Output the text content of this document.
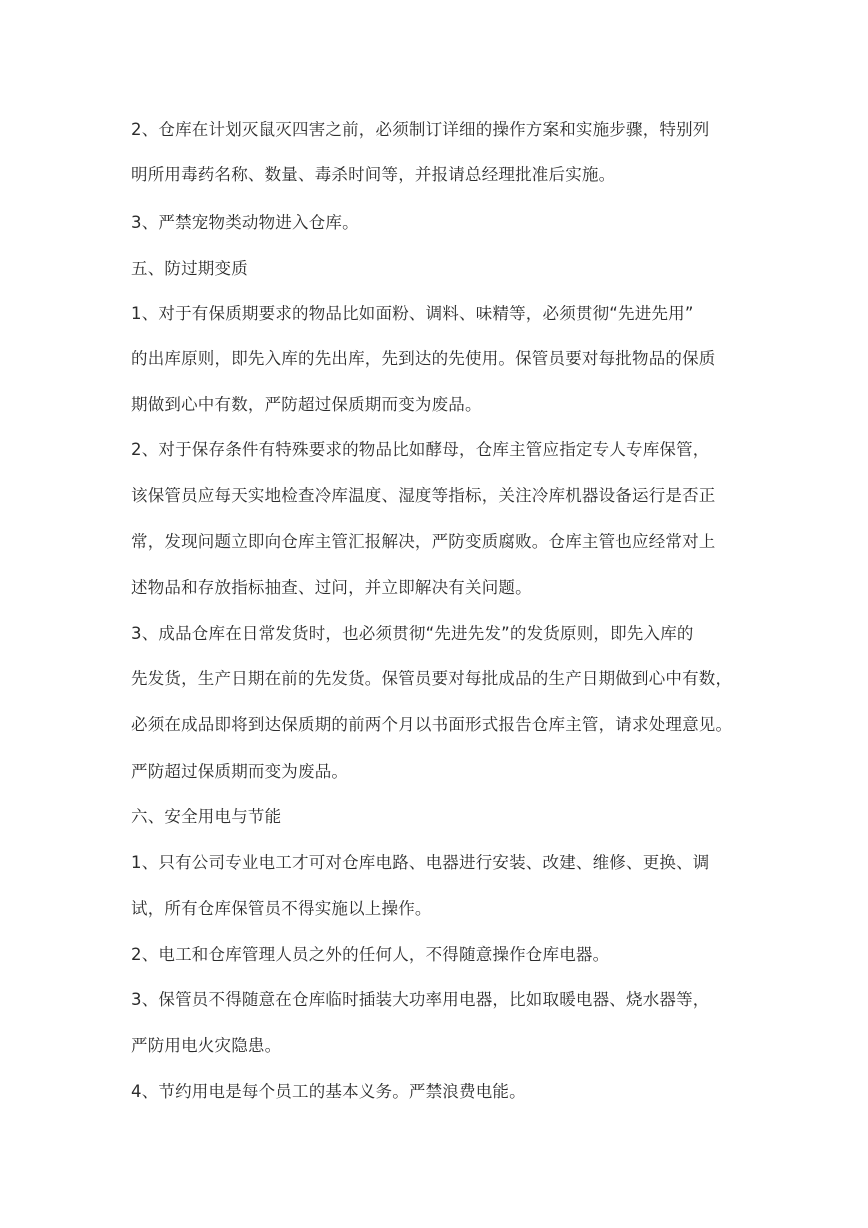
2、仓库在计划灭鼠灭四害之前，必须制订详细的操作方案和实施步骤，特别列
明所用毒药名称、数量、毒杀时间等，并报请总经理批准后实施。
3、严禁宠物类动物进入仓库。
五、防过期变质
1、对于有保质期要求的物品比如面粉、调料、味精等，必须贯彻“先进先用”
的出库原则，即先入库的先出库，先到达的先使用。保管员要对每批物品的保质
期做到心中有数，严防超过保质期而变为废品。
2、对于保存条件有特殊要求的物品比如酵母，仓库主管应指定专人专库保管，
该保管员应每天实地检查冷库温度、湿度等指标，关注冷库机器设备运行是否正
常，发现问题立即向仓库主管汇报解决，严防变质腐败。仓库主管也应经常对上
述物品和存放指标抽查、过问，并立即解决有关问题。
3、成品仓库在日常发货时，也必须贯彻“先进先发”的发货原则，即先入库的
先发货，生产日期在前的先发货。保管员要对每批成品的生产日期做到心中有数，
必须在成品即将到达保质期的前两个月以书面形式报告仓库主管，请求处理意见。
严防超过保质期而变为废品。
六、安全用电与节能
1、只有公司专业电工才可对仓库电路、电器进行安装、改建、维修、更换、调
试，所有仓库保管员不得实施以上操作。
2、电工和仓库管理人员之外的任何人，不得随意操作仓库电器。
3、保管员不得随意在仓库临时插装大功率用电器，比如取暖电器、烧水器等，
严防用电火灾隐患。
4、节约用电是每个员工的基本义务。严禁浪费电能。
